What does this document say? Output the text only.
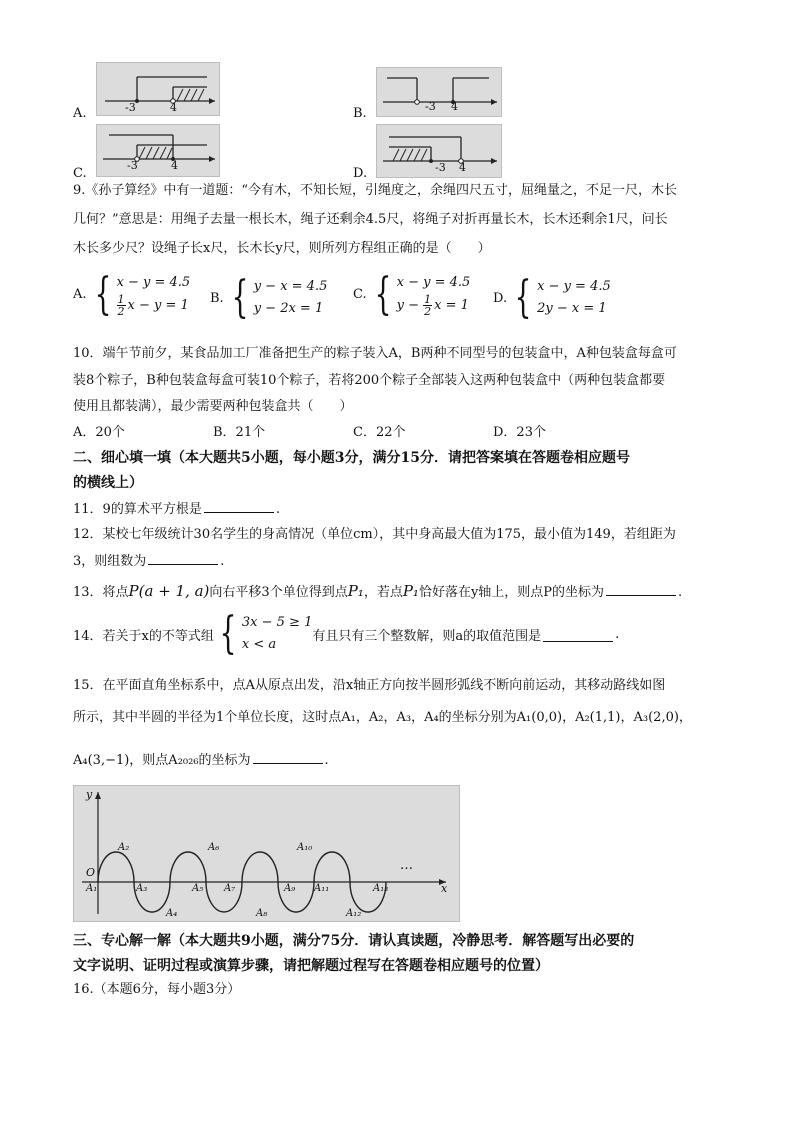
A.	-3	4	B.	-3 4
C.
-3	4
D.	-3 4
9.《孙子算经》中有一道题：“今有木，不知长短，引绳度之，余绳四尺五寸，屈绳量之，不足一尺，木长
几何？”意思是：用绳子去量一根长木，绳子还剩余4.5尺，将绳子对折再量长木，长木还剩余1尺，问长
木长多少尺？设绳子长x尺，长木长y尺，则所列方程组正确的是（　　）
A. { x − y = 4.5
$\frac{1}{2}$ x − y = 1 B. { y − x = 4.5
y − 2x = 1
C. { x − y = 4.5
$y - \frac{1}{2}$ x = 1 D. { x − y = 4.5
2y − x = 1
10．端午节前夕，某食品加工厂准备把生产的粽子装入A，B两种不同型号的包装盒中，A种包装盒每盒可
装8个粽子，B种包装盒每盒可装10个粽子，若将200个粽子全部装入这两种包装盒中（两种包装盒都要
使用且都装满），最少需要两种包装盒共（　　）
A．20个	B．21个	C．22个	D．23个
二、细心填一填（本大题共5小题，每小题3分，满分15分．请把答案填在答题卷相应题号
的横线上）
11．9的算术平方根是	.
12．某校七年级统计30名学生的身高情况（单位cm），其中身高最大值为175，最小值为149，若组距为
3，则组数为	.
13．将点P(a + 1, a)向右平移3个单位得到点P₁，若点P₁恰好落在y轴上，则点P的坐标为	.
14．若关于x的不等式组 { 3x − 5 ≥ 1
x < a
有且只有三个整数解，则a的取值范围是	.
15．在平面直角坐标系中，点A从原点出发，沿x轴正方向按半圆形弧线不断向前运动，其移动路线如图
所示，其中半圆的半径为1个单位长度，这时点A₁，A₂，A₃，A₄的坐标分别为A₁(0,0)，A₂(1,1)，A₃(2,0)，
A₄(3,−1)，则点A₂₀₂₆的坐标为	.
y
x
O
A₂	A₆	A₁₀
A₁	A₃	A₅ A₇	A₉ A₁₁	A₁₃
A₄	A₈	A₁₂
…
三、专心解一解（本大题共9小题，满分75分．请认真读题，冷静思考．解答题写出必要的
文字说明、证明过程或演算步骤，请把解题过程写在答题卷相应题号的位置）
16.（本题6分，每小题3分）
